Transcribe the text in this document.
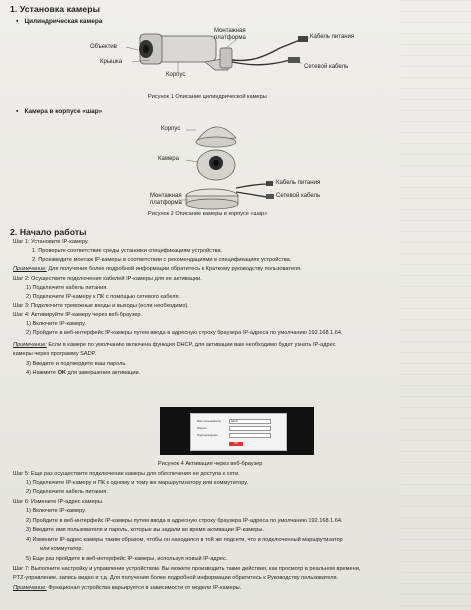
1. Установка камеры
▪ Цилиндрическая камера
Объектив
Крышка
Корпус
Монтажная
платформа	Кабель питания
Сетевой кабель
Рисунок 1 Описание цилиндрической камеры
▪ Камера в корпусе «шар»
Корпус
Камера
Монтажная
платформа
Кабель питания
Сетевой кабель
Рисунок 2 Описание камеры в корпусе «шар»
2. Начало работы
Шаг 1: Установите IP-камеру.
1. Проверьте соответствие среды установки спецификациям устройства.
2. Произведите монтаж IP-камеры в соответствии с рекомендациями в спецификациях устройства.
Примечание: Для получения более подробной информации обратитесь к Краткому руководству пользователя.
Шаг 2: Осуществите подключение кабелей IP-камеры для ее активации.
1) Подключите кабель питания.
2) Подключите IP-камеру к ПК с помощью сетевого кабеля.
Шаг 3: Подключите тревожные входы и выходы (если необходимо).
Шаг 4: Активируйте IP-камеру через веб-браузер.
1) Включите IP-камеру.
2) Пройдите в веб-интерфейс IP-камеры путем ввода в адресную строку браузера IP-адреса по умолчанию 192.168.1.64.
Примечание: Если в камере по умолчанию включена функция DHCP, для активации вам необходимо будет узнать IP-адрес
камеры через программу SADP.
3) Введите и подтвердите ваш пароль.
4) Нажмите OK для завершения активации.
Имя пользователя	admin
Пароль
Подтверждение
OK
Рисунок 4 Активация через веб-браузер
Шаг 5: Еще раз осуществите подключение камеры для обеспечения ее доступа к сети.
1) Подключите IP-камеру и ПК к одному и тому же маршрутизатору или коммутатору.
2) Подключите кабель питания.
Шаг 6: Измените IP-адрес камеры.
1) Включите IP-камеру.
2) Пройдите в веб-интерфейс IP-камеры путем ввода в адресную строку браузера IP-адреса по умолчанию 192.168.1.64.
3) Введите имя пользователя и пароль, которые вы задали во время активации IP-камеры.
4) Измените IP-адрес камеры таким образом, чтобы он находился в той же подсети, что и подключенный маршрутизатор
или коммутатор.
5) Еще раз пройдите в веб-интерфейс IP-камеры, используя новый IP-адрес.
Шаг 7: Выполните настройку и управление устройством. Вы можете производить такие действия, как просмотр в реальном времени,
PTZ-управление, запись видео и т.д. Для получения более подробной информации обратитесь к Руководству пользователя.
Примечание: Функционал устройства варьируется в зависимости от модели IP-камеры.
